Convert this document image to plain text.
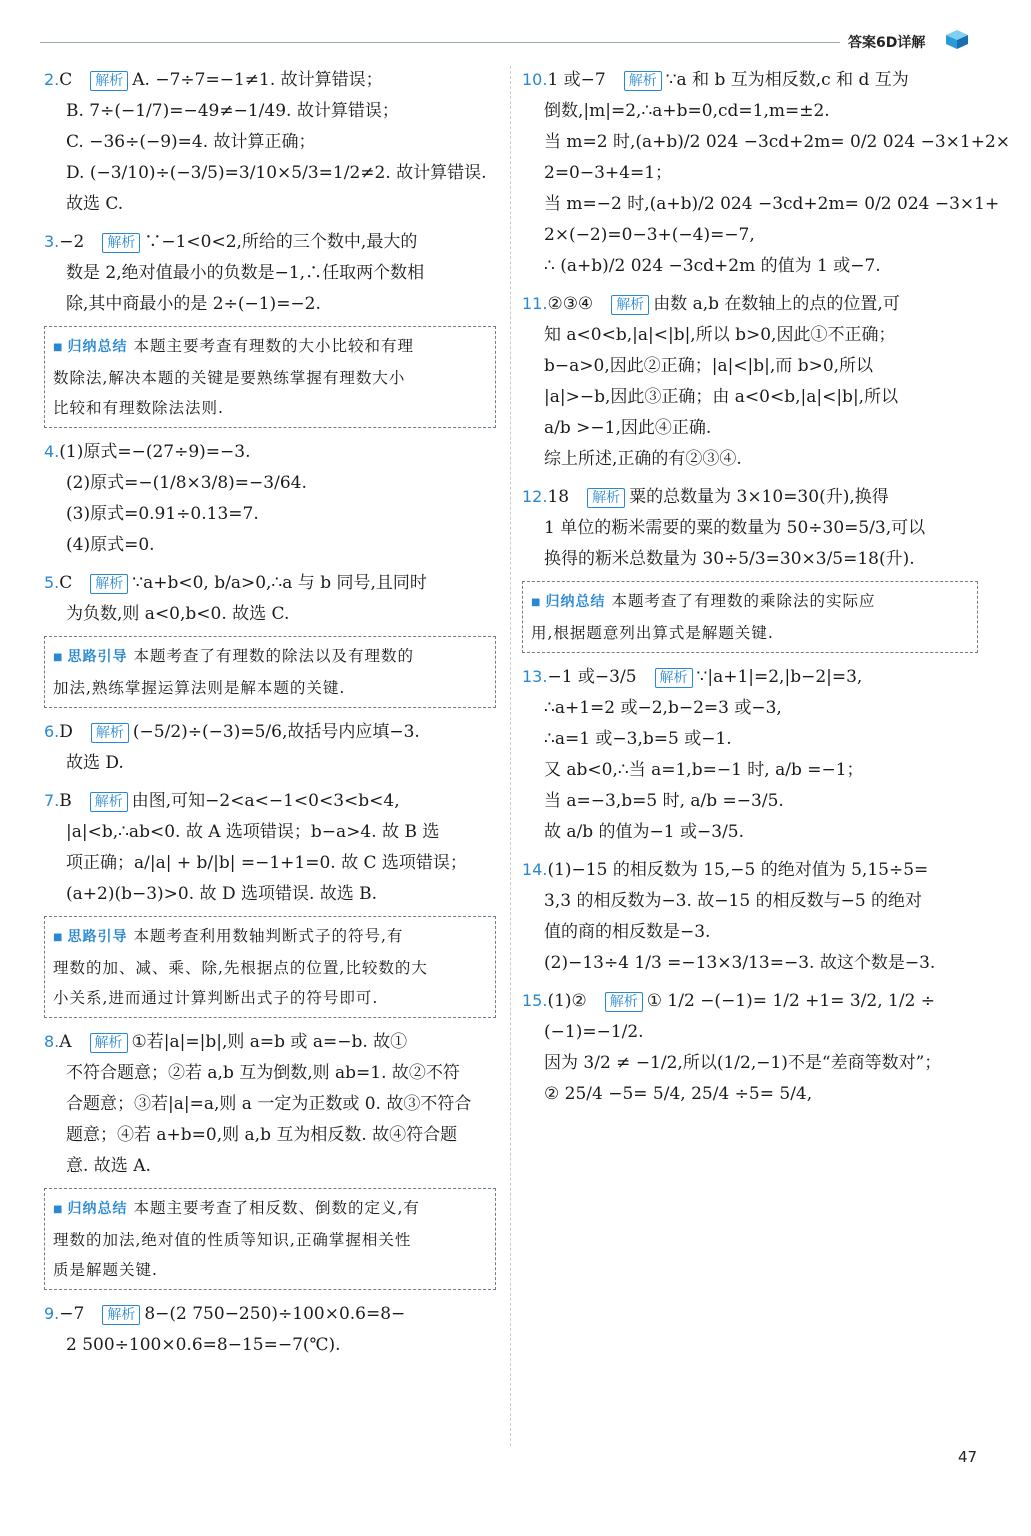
答案6D详解
2.C 解析 A. −7÷7=−1≠1. 故计算错误；
B. 7÷(−1/7)=−49≠−1/49. 故计算错误；
C. −36÷(−9)=4. 故计算正确；
D. (−3/10)÷(−3/5)=3/10×5/3=1/2≠2. 故计算错误.
故选 C.
3.−2 解析 ∵−1<0<2,所给的三个数中,最大的
数是 2,绝对值最小的负数是−1,∴任取两个数相
除,其中商最小的是 2÷(−1)=−2.
■ 归纳总结 本题主要考查有理数的大小比较和有理
数除法,解决本题的关键是要熟练掌握有理数大小
比较和有理数除法法则.
4.(1)原式=−(27÷9)=−3.
(2)原式=−(1/8×3/8)=−3/64.
(3)原式=0.91÷0.13=7.
(4)原式=0.
5.C 解析 ∵a+b<0, b/a>0,∴a 与 b 同号,且同时
为负数,则 a<0,b<0. 故选 C.
■ 思路引导 本题考查了有理数的除法以及有理数的
加法,熟练掌握运算法则是解本题的关键.
6.D 解析 (−5/2)÷(−3)=5/6,故括号内应填−3.
故选 D.
7.B 解析 由图,可知−2<a<−1<0<3<b<4,
|a|<b,∴ab<0. 故 A 选项错误；b−a>4. 故 B 选
项正确；a/|a| + b/|b| =−1+1=0. 故 C 选项错误；
(a+2)(b−3)>0. 故 D 选项错误. 故选 B.
■ 思路引导 本题考查利用数轴判断式子的符号,有
理数的加、减、乘、除,先根据点的位置,比较数的大
小关系,进而通过计算判断出式子的符号即可.
8.A 解析 ①若|a|=|b|,则 a=b 或 a=−b. 故①
不符合题意；②若 a,b 互为倒数,则 ab=1. 故②不符
合题意；③若|a|=a,则 a 一定为正数或 0. 故③不符合
题意；④若 a+b=0,则 a,b 互为相反数. 故④符合题
意. 故选 A.
■ 归纳总结 本题主要考查了相反数、倒数的定义,有
理数的加法,绝对值的性质等知识,正确掌握相关性
质是解题关键.
9.−7 解析 8−(2 750−250)÷100×0.6=8−
2 500÷100×0.6=8−15=−7(℃).
10.1 或−7 解析 ∵a 和 b 互为相反数,c 和 d 互为
倒数,|m|=2,∴a+b=0,cd=1,m=±2.
当 m=2 时,(a+b)/2 024 −3cd+2m= 0/2 024 −3×1+2×
2=0−3+4=1；
当 m=−2 时,(a+b)/2 024 −3cd+2m= 0/2 024 −3×1+
2×(−2)=0−3+(−4)=−7,
∴ (a+b)/2 024 −3cd+2m 的值为 1 或−7.
11.②③④ 解析 由数 a,b 在数轴上的点的位置,可
知 a<0<b,|a|<|b|,所以 b>0,因此①不正确；
b−a>0,因此②正确；|a|<|b|,而 b>0,所以
|a|>−b,因此③正确；由 a<0<b,|a|<|b|,所以
a/b >−1,因此④正确.
综上所述,正确的有②③④.
12.18 解析 粟的总数量为 3×10=30(升),换得
1 单位的粝米需要的粟的数量为 50÷30=5/3,可以
换得的粝米总数量为 30÷5/3=30×3/5=18(升).
■ 归纳总结 本题考查了有理数的乘除法的实际应
用,根据题意列出算式是解题关键.
13.−1 或−3/5 解析 ∵|a+1|=2,|b−2|=3,
∴a+1=2 或−2,b−2=3 或−3,
∴a=1 或−3,b=5 或−1.
又 ab<0,∴当 a=1,b=−1 时, a/b =−1；
当 a=−3,b=5 时, a/b =−3/5.
故 a/b 的值为−1 或−3/5.
14.(1)−15 的相反数为 15,−5 的绝对值为 5,15÷5=
3,3 的相反数为−3. 故−15 的相反数与−5 的绝对
值的商的相反数是−3.
(2)−13÷4 1/3 =−13×3/13=−3. 故这个数是−3.
15.(1)② 解析 ① 1/2 −(−1)= 1/2 +1= 3/2, 1/2 ÷
(−1)=−1/2.
因为 3/2 ≠ −1/2,所以(1/2,−1)不是“差商等数对”；
② 25/4 −5= 5/4, 25/4 ÷5= 5/4,
47
